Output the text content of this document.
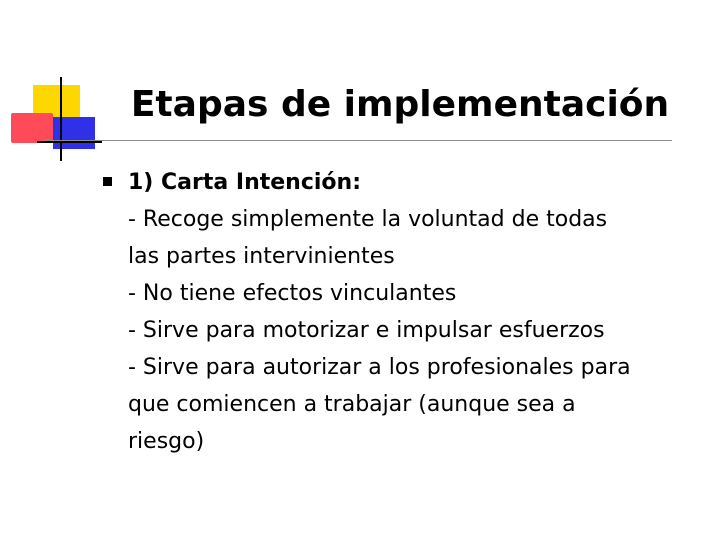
Etapas de implementación
1) Carta Intención:
- Recoge simplemente la voluntad de todas
las partes intervinientes
- No tiene efectos vinculantes
- Sirve para motorizar e impulsar esfuerzos
- Sirve para autorizar a los profesionales para
que comiencen a trabajar (aunque sea a
riesgo)
